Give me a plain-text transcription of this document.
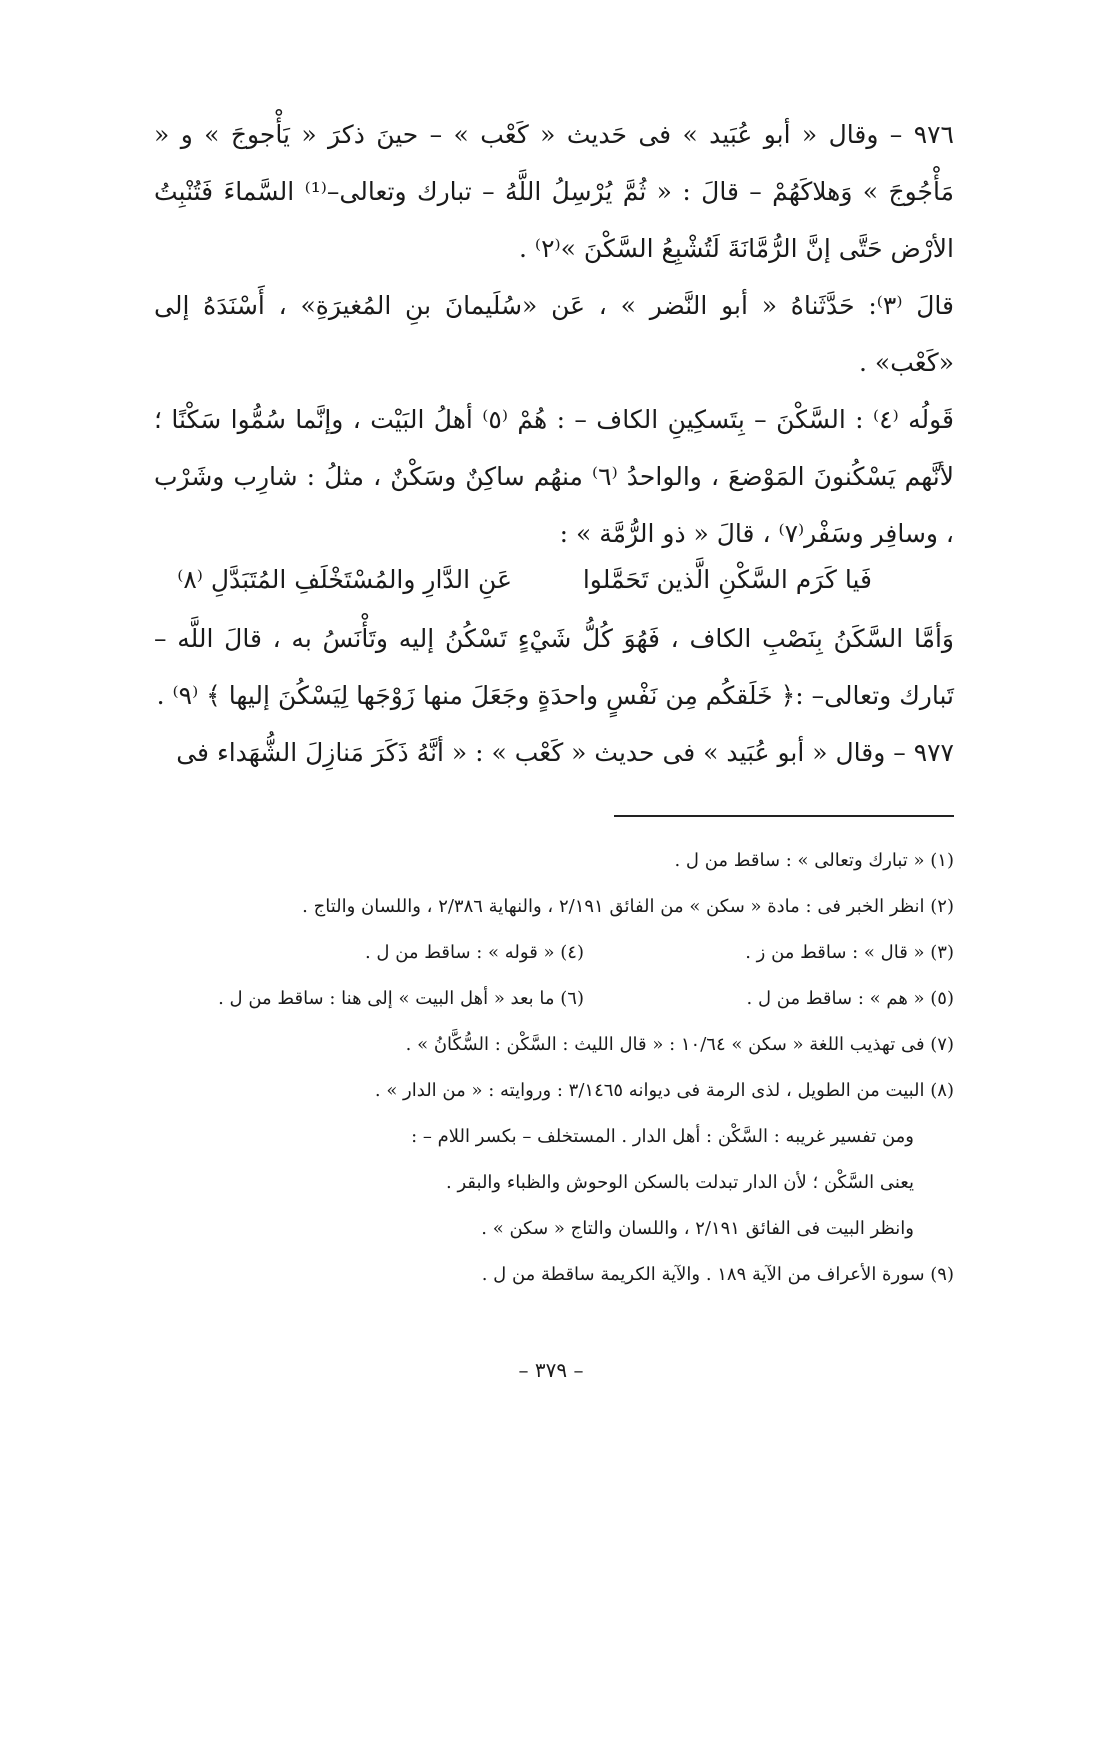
٩٧٦ – وقال « أبو عُبَيد » فى حَديث « كَعْب » – حينَ ذكرَ « يَأْجوجَ » و « مَأْجُوجَ » وَهلاكَهُمْ – قالَ : « ثُمَّ يُرْسِلُ اللَّهُ – تبارك وتعالى–⁽¹⁾ السَّماءَ فَتُنْبِتُ الأرْض حَتَّى إنَّ الرُّمَّانَةَ لَتُشْبِعُ السَّكْنَ »⁽٢⁾ .

قالَ ⁽٣⁾: حَدَّثَناهُ « أبو النَّضر » ، عَن «سُلَيمانَ بنِ المُغيرَةِ» ، أَسْنَدَهُ إلى «كَعْب» .

قَولُه ⁽٤⁾ : السَّكْنَ – بِتَسكِينِ الكاف – : هُمْ ⁽٥⁾ أهلُ البَيْت ، وإنَّما سُمُّوا سَكْنًا ؛ لأنَّهم يَسْكُنونَ المَوْضعَ ، والواحدُ ⁽٦⁾ منهُم ساكِنٌ وسَكْنٌ ، مثلُ : شارِب وشَرْب ، وسافِر وسَفْر⁽٧⁾ ، قالَ « ذو الرُّمَّة » :

فَيا كَرَم السَّكْنِ الَّذين تَحَمَّلوا
عَنِ الدَّارِ والمُسْتَخْلَفِ المُتَبَدَّلِ ⁽٨⁾

وَأمَّا السَّكَنُ بِنَصْبِ الكاف ، فَهُوَ كُلُّ شَيْءٍ تَسْكُنُ إليه وتَأْنَسُ به ، قالَ اللَّه – تَبارك وتعالى– :﴿ خَلَقكُم مِن نَفْسٍ واحدَةٍ وجَعَلَ منها زَوْجَها لِيَسْكُنَ إليها ﴾ ⁽٩⁾ .

٩٧٧ – وقال « أبو عُبَيد » فى حديث « كَعْب » : « أنَّهُ ذَكَرَ مَنازِلَ الشُّهَداء فى

(١) « تبارك وتعالى » : ساقط من ل .

(٢) انظر الخبر فى : مادة « سكن » من الفائق ٢/١٩١ ، والنهاية ٢/٣٨٦ ، واللسان والتاج .

(٣) « قال » : ساقط من ز .
(٤) « قوله » : ساقط من ل .
(٥) « هم » : ساقط من ل .
(٦) ما بعد « أهل البيت » إلى هنا : ساقط من ل .

(٧) فى تهذيب اللغة « سكن » ١٠/٦٤ : « قال الليث : السَّكْن : السُّكَّانُ » .

(٨) البيت من الطويل ، لذى الرمة فى ديوانه ٣/١٤٦٥ : وروايته : « من الدار » .

ومن تفسير غريبه : السَّكْن : أهل الدار . المستخلف – بكسر اللام – :

يعنى السَّكْن ؛ لأن الدار تبدلت بالسكن الوحوش والظباء والبقر .

وانظر البيت فى الفائق ٢/١٩١ ، واللسان والتاج « سكن » .

(٩) سورة الأعراف من الآية ١٨٩ . والآية الكريمة ساقطة من ل .

– ٣٧٩ –
